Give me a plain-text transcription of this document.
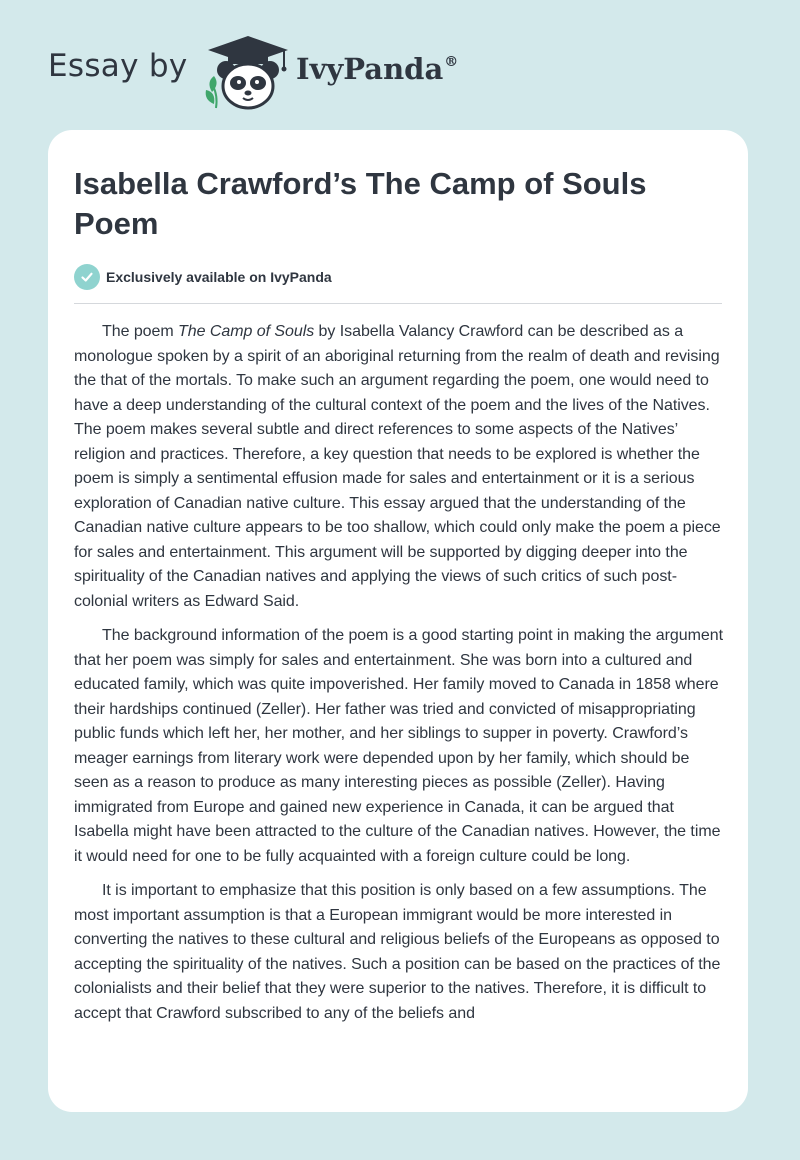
Essay by	IvyPanda®
Isabella Crawford’s The Camp of Souls Poem
Exclusively available on IvyPanda

The poem The Camp of Souls by Isabella Valancy Crawford can be described as a monologue spoken by a spirit of an aboriginal returning from the realm of death and revising the that of the mortals. To make such an argument regarding the poem, one would need to have a deep understanding of the cultural context of the poem and the lives of the Natives. The poem makes several subtle and direct references to some aspects of the Natives’ religion and practices. Therefore, a key question that needs to be explored is whether the poem is simply a sentimental effusion made for sales and entertainment or it is a serious exploration of Canadian native culture. This essay argued that the understanding of the Canadian native culture appears to be too shallow, which could only make the poem a piece for sales and entertainment. This argument will be supported by digging deeper into the spirituality of the Canadian natives and applying the views of such critics of such post-colonial writers as Edward Said.

The background information of the poem is a good starting point in making the argument that her poem was simply for sales and entertainment. She was born into a cultured and educated family, which was quite impoverished. Her family moved to Canada in 1858 where their hardships continued (Zeller). Her father was tried and convicted of misappropriating public funds which left her, her mother, and her siblings to supper in poverty. Crawford’s meager earnings from literary work were depended upon by her family, which should be seen as a reason to produce as many interesting pieces as possible (Zeller). Having immigrated from Europe and gained new experience in Canada, it can be argued that Isabella might have been attracted to the culture of the Canadian natives. However, the time it would need for one to be fully acquainted with a foreign culture could be long.

It is important to emphasize that this position is only based on a few assumptions. The most important assumption is that a European immigrant would be more interested in converting the natives to these cultural and religious beliefs of the Europeans as opposed to accepting the spirituality of the natives. Such a position can be based on the practices of the colonialists and their belief that they were superior to the natives. Therefore, it is difficult to accept that Crawford subscribed to any of the beliefs and
